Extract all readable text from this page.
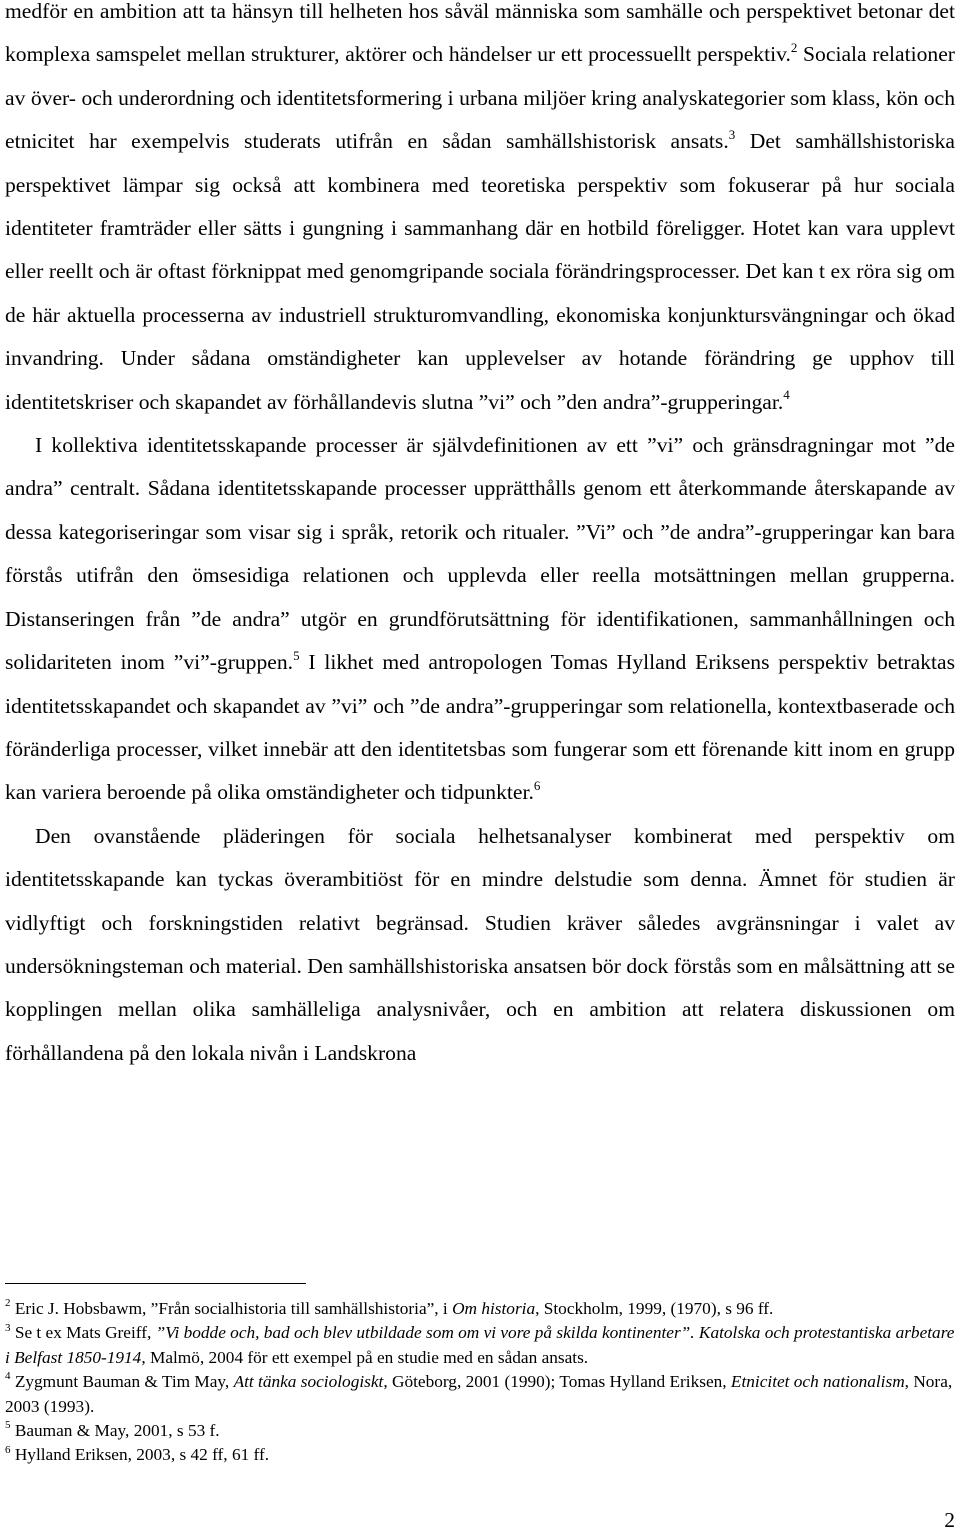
medför en ambition att ta hänsyn till helheten hos såväl människa som samhälle och perspektivet betonar det komplexa samspelet mellan strukturer, aktörer och händelser ur ett processuellt perspektiv.$^2$ Sociala relationer av över- och underordning och identitetsformering i urbana miljöer kring analyskategorier som klass, kön och etnicitet har exempelvis studerats utifrån en sådan samhällshistorisk ansats.$^3$ Det samhällshistoriska perspektivet lämpar sig också att kombinera med teoretiska perspektiv som fokuserar på hur sociala identiteter framträder eller sätts i gungning i sammanhang där en hotbild föreligger. Hotet kan vara upplevt eller reellt och är oftast förknippat med genomgripande sociala förändringsprocesser. Det kan t ex röra sig om de här aktuella processerna av industriell strukturomvandling, ekonomiska konjunktursvängningar och ökad invandring. Under sådana omständigheter kan upplevelser av hotande förändring ge upphov till identitetskriser och skapandet av förhållandevis slutna ”vi” och ”den andra”-grupperingar.$^4$

I kollektiva identitetsskapande processer är självdefinitionen av ett ”vi” och gränsdragningar mot ”de andra” centralt. Sådana identitetsskapande processer upprätthålls genom ett återkommande återskapande av dessa kategoriseringar som visar sig i språk, retorik och ritualer. ”Vi” och ”de andra”-grupperingar kan bara förstås utifrån den ömsesidiga relationen och upplevda eller reella motsättningen mellan grupperna. Distanseringen från ”de andra” utgör en grundförutsättning för identifikationen, sammanhållningen och solidariteten inom ”vi”-gruppen.$^5$ I likhet med antropologen Tomas Hylland Eriksens perspektiv betraktas identitetsskapandet och skapandet av ”vi” och ”de andra”-grupperingar som relationella, kontextbaserade och föränderliga processer, vilket innebär att den identitetsbas som fungerar som ett förenande kitt inom en grupp kan variera beroende på olika omständigheter och tidpunkter.$^6$

Den ovanstående pläderingen för sociala helhetsanalyser kombinerat med perspektiv om identitetsskapande kan tyckas överambitiöst för en mindre delstudie som denna. Ämnet för studien är vidlyftigt och forskningstiden relativt begränsad. Studien kräver således avgränsningar i valet av undersökningsteman och material. Den samhällshistoriska ansatsen bör dock förstås som en målsättning att se kopplingen mellan olika samhälleliga analysnivåer, och en ambition att relatera diskussionen om förhållandena på den lokala nivån i Landskrona

$^2$ Eric J. Hobsbawm, ”Från socialhistoria till samhällshistoria”, i Om historia, Stockholm, 1999, (1970), s 96 ff.

$^3$ Se t ex Mats Greiff, ”Vi bodde och, bad och blev utbildade som om vi vore på skilda kontinenter”. Katolska och protestantiska arbetare i Belfast 1850-1914, Malmö, 2004 för ett exempel på en studie med en sådan ansats.

$^4$ Zygmunt Bauman & Tim May, Att tänka sociologiskt, Göteborg, 2001 (1990); Tomas Hylland Eriksen, Etnicitet och nationalism, Nora, 2003 (1993).

$^5$ Bauman & May, 2001, s 53 f.

$^6$ Hylland Eriksen, 2003, s 42 ff, 61 ff.

2
